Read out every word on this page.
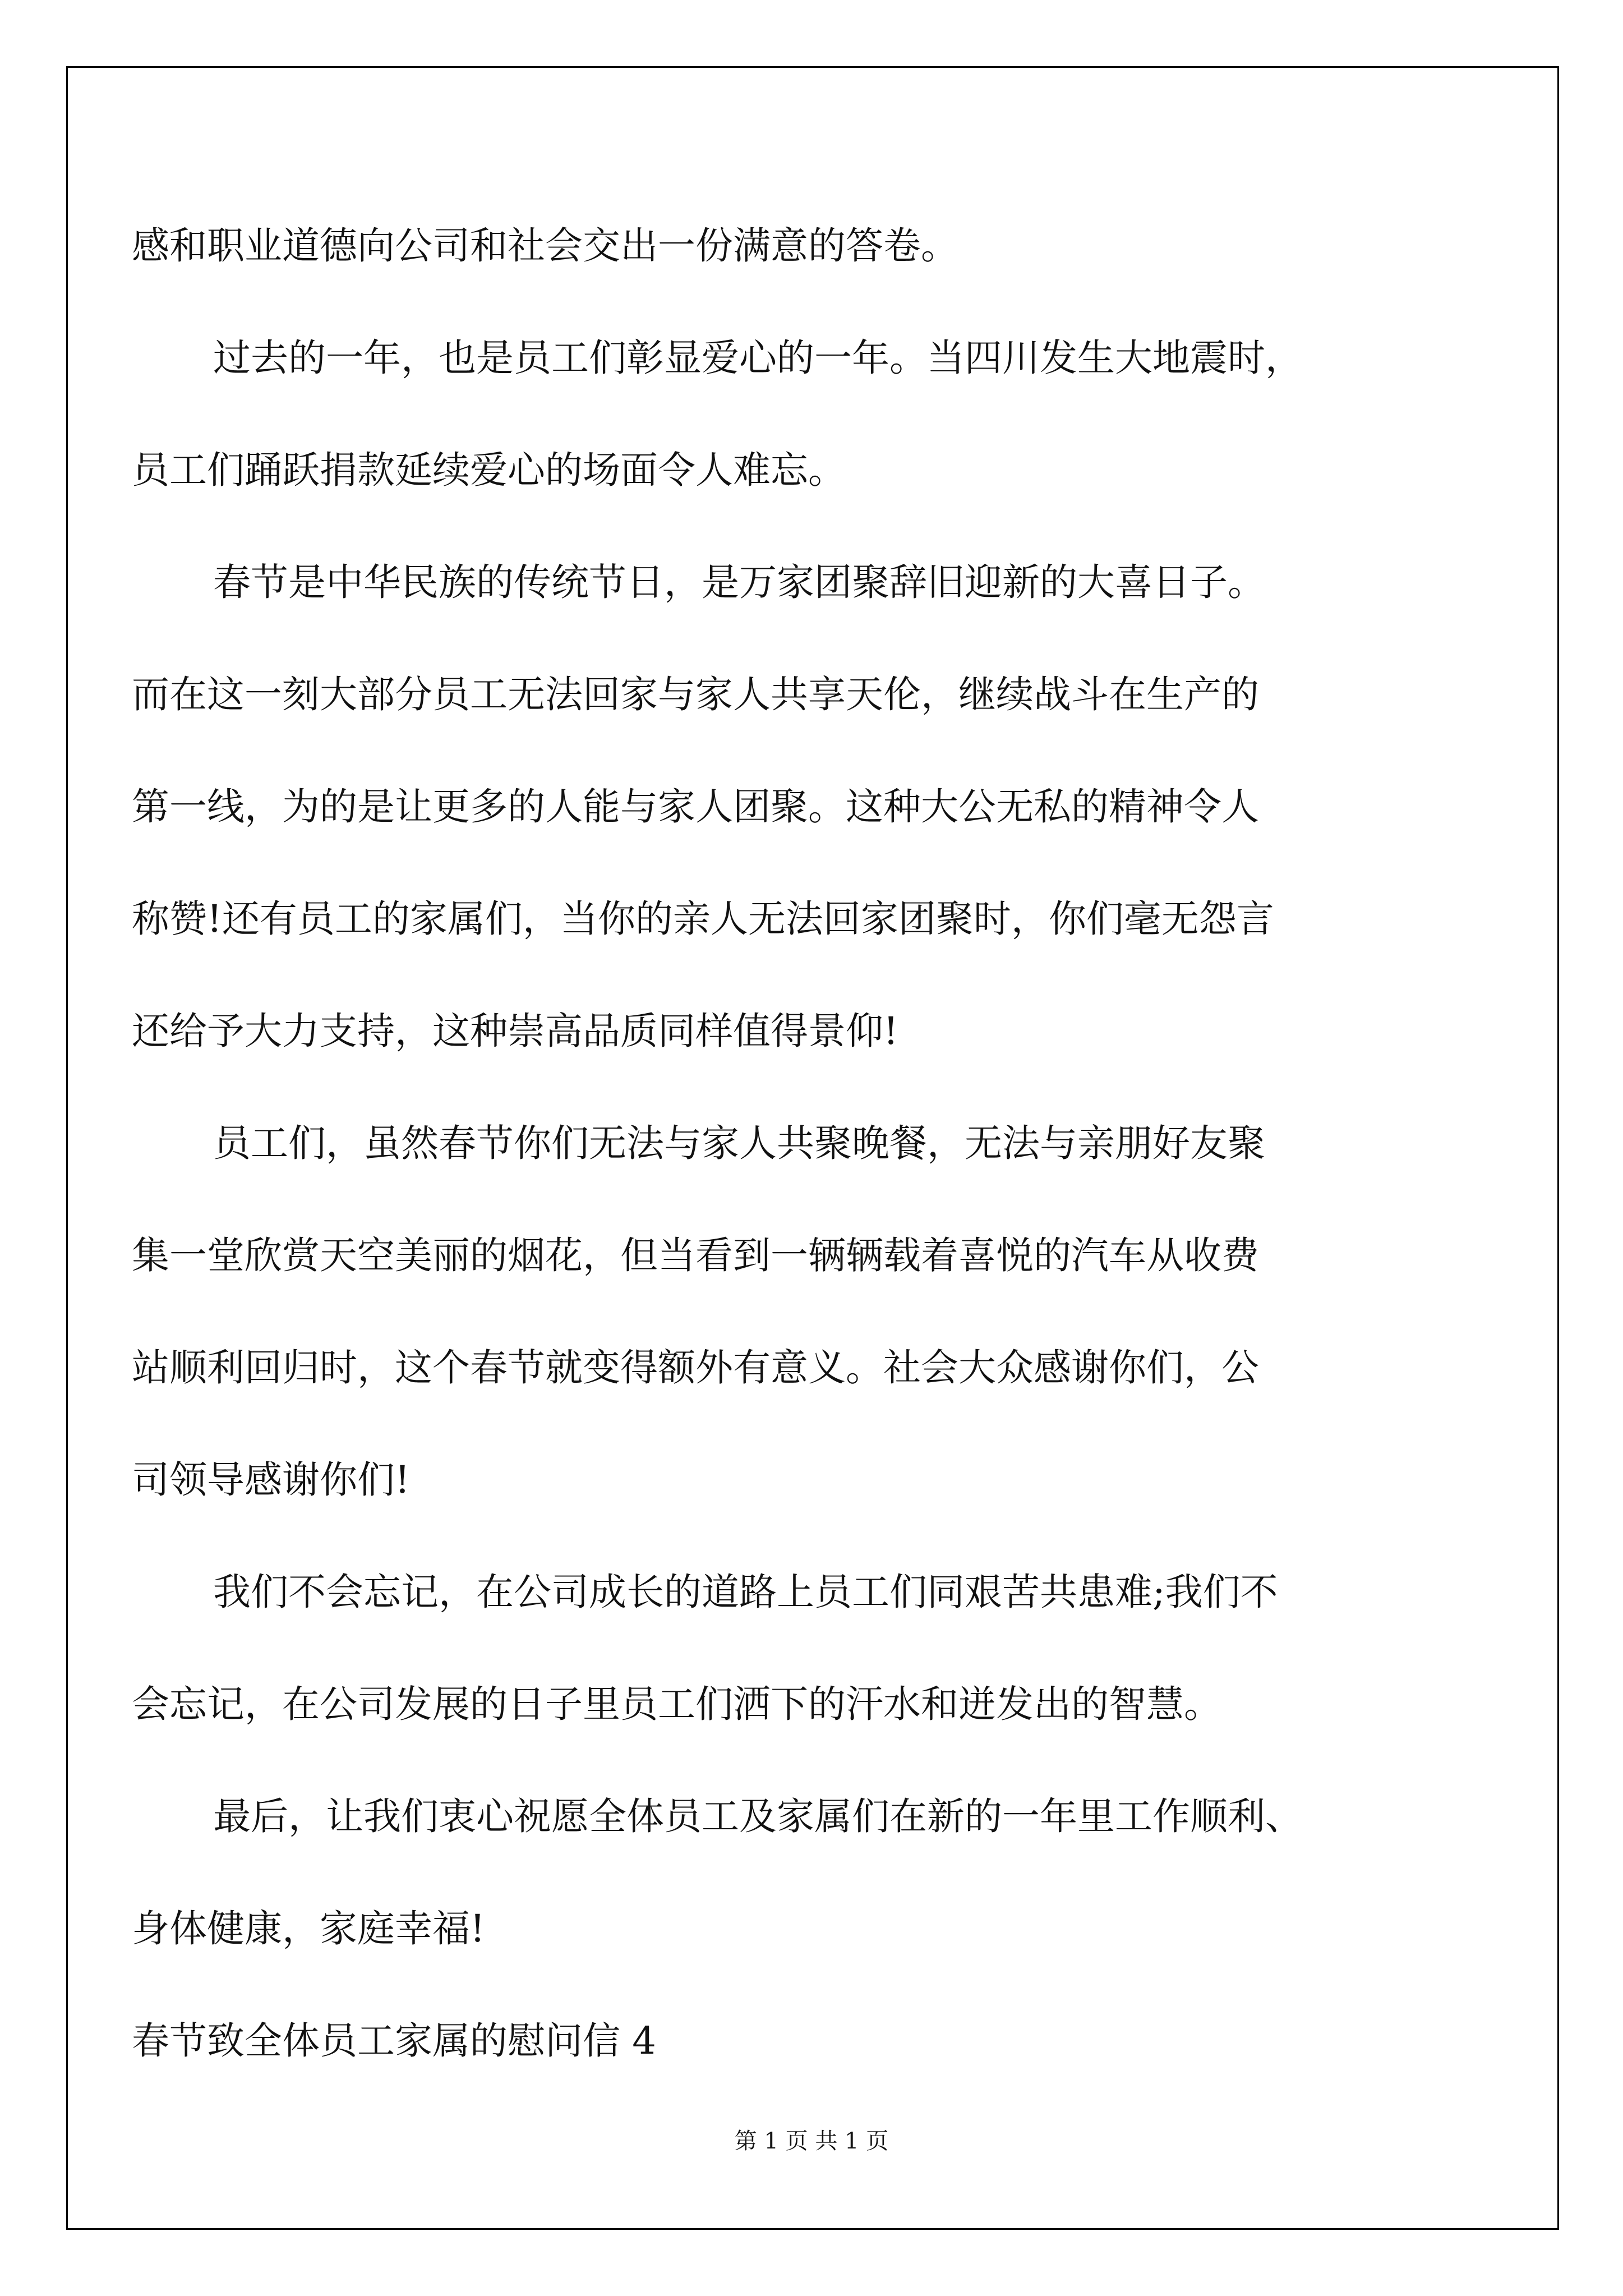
感和职业道德向公司和社会交出一份满意的答卷。
过去的一年，也是员工们彰显爱心的一年。当四川发生大地震时，
员工们踊跃捐款延续爱心的场面令人难忘。
春节是中华民族的传统节日，是万家团聚辞旧迎新的大喜日子。
而在这一刻大部分员工无法回家与家人共享天伦，继续战斗在生产的
第一线，为的是让更多的人能与家人团聚。这种大公无私的精神令人
称赞!还有员工的家属们，当你的亲人无法回家团聚时，你们毫无怨言
还给予大力支持，这种崇高品质同样值得景仰!
员工们，虽然春节你们无法与家人共聚晚餐，无法与亲朋好友聚
集一堂欣赏天空美丽的烟花，但当看到一辆辆载着喜悦的汽车从收费
站顺利回归时，这个春节就变得额外有意义。社会大众感谢你们，公
司领导感谢你们!
我们不会忘记，在公司成长的道路上员工们同艰苦共患难;我们不
会忘记，在公司发展的日子里员工们洒下的汗水和迸发出的智慧。
最后，让我们衷心祝愿全体员工及家属们在新的一年里工作顺利、
身体健康，家庭幸福!
春节致全体员工家属的慰问信 4
第 1 页 共 1 页
